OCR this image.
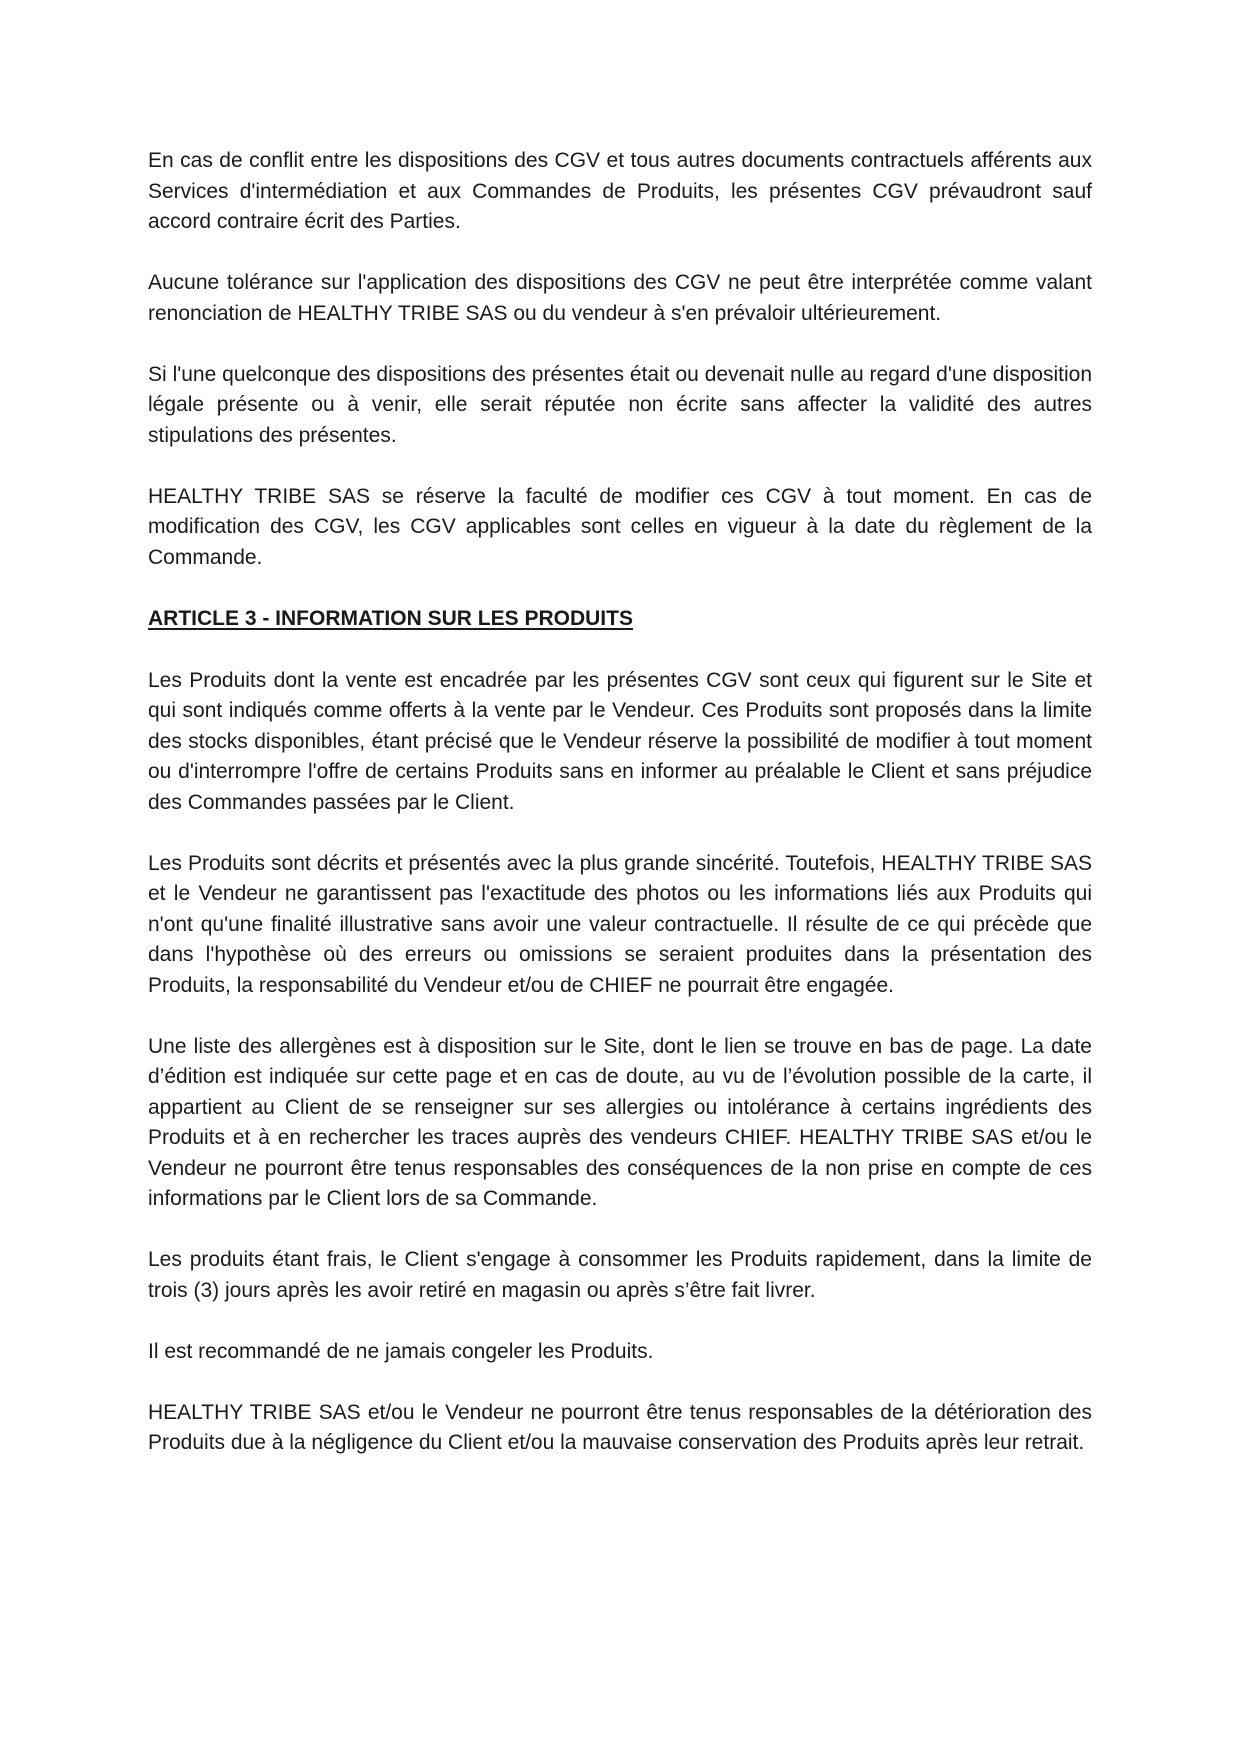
En cas de conflit entre les dispositions des CGV et tous autres documents contractuels afférents aux Services d'intermédiation et aux Commandes de Produits, les présentes CGV prévaudront sauf accord contraire écrit des Parties.

Aucune tolérance sur l'application des dispositions des CGV ne peut être interprétée comme valant renonciation de HEALTHY TRIBE SAS ou du vendeur à s'en prévaloir ultérieurement.

Si l'une quelconque des dispositions des présentes était ou devenait nulle au regard d'une disposition légale présente ou à venir, elle serait réputée non écrite sans affecter la validité des autres stipulations des présentes.

HEALTHY TRIBE SAS se réserve la faculté de modifier ces CGV à tout moment. En cas de modification des CGV, les CGV applicables sont celles en vigueur à la date du règlement de la Commande.

ARTICLE 3 - INFORMATION SUR LES PRODUITS

Les Produits dont la vente est encadrée par les présentes CGV sont ceux qui figurent sur le Site et qui sont indiqués comme offerts à la vente par le Vendeur. Ces Produits sont proposés dans la limite des stocks disponibles, étant précisé que le Vendeur réserve la possibilité de modifier à tout moment ou d'interrompre l'offre de certains Produits sans en informer au préalable le Client et sans préjudice des Commandes passées par le Client.

Les Produits sont décrits et présentés avec la plus grande sincérité. Toutefois, HEALTHY TRIBE SAS et le Vendeur ne garantissent pas l'exactitude des photos ou les informations liés aux Produits qui n'ont qu'une finalité illustrative sans avoir une valeur contractuelle. Il résulte de ce qui précède que dans l'hypothèse où des erreurs ou omissions se seraient produites dans la présentation des Produits, la responsabilité du Vendeur et/ou de CHIEF ne pourrait être engagée.

Une liste des allergènes est à disposition sur le Site, dont le lien se trouve en bas de page. La date d’édition est indiquée sur cette page et en cas de doute, au vu de l’évolution possible de la carte, il appartient au Client de se renseigner sur ses allergies ou intolérance à certains ingrédients des Produits et à en rechercher les traces auprès des vendeurs CHIEF. HEALTHY TRIBE SAS et/ou le Vendeur ne pourront être tenus responsables des conséquences de la non prise en compte de ces informations par le Client lors de sa Commande.

Les produits étant frais, le Client s'engage à consommer les Produits rapidement, dans la limite de trois (3) jours après les avoir retiré en magasin ou après s’être fait livrer.

Il est recommandé de ne jamais congeler les Produits.

HEALTHY TRIBE SAS et/ou le Vendeur ne pourront être tenus responsables de la détérioration des Produits due à la négligence du Client et/ou la mauvaise conservation des Produits après leur retrait.
